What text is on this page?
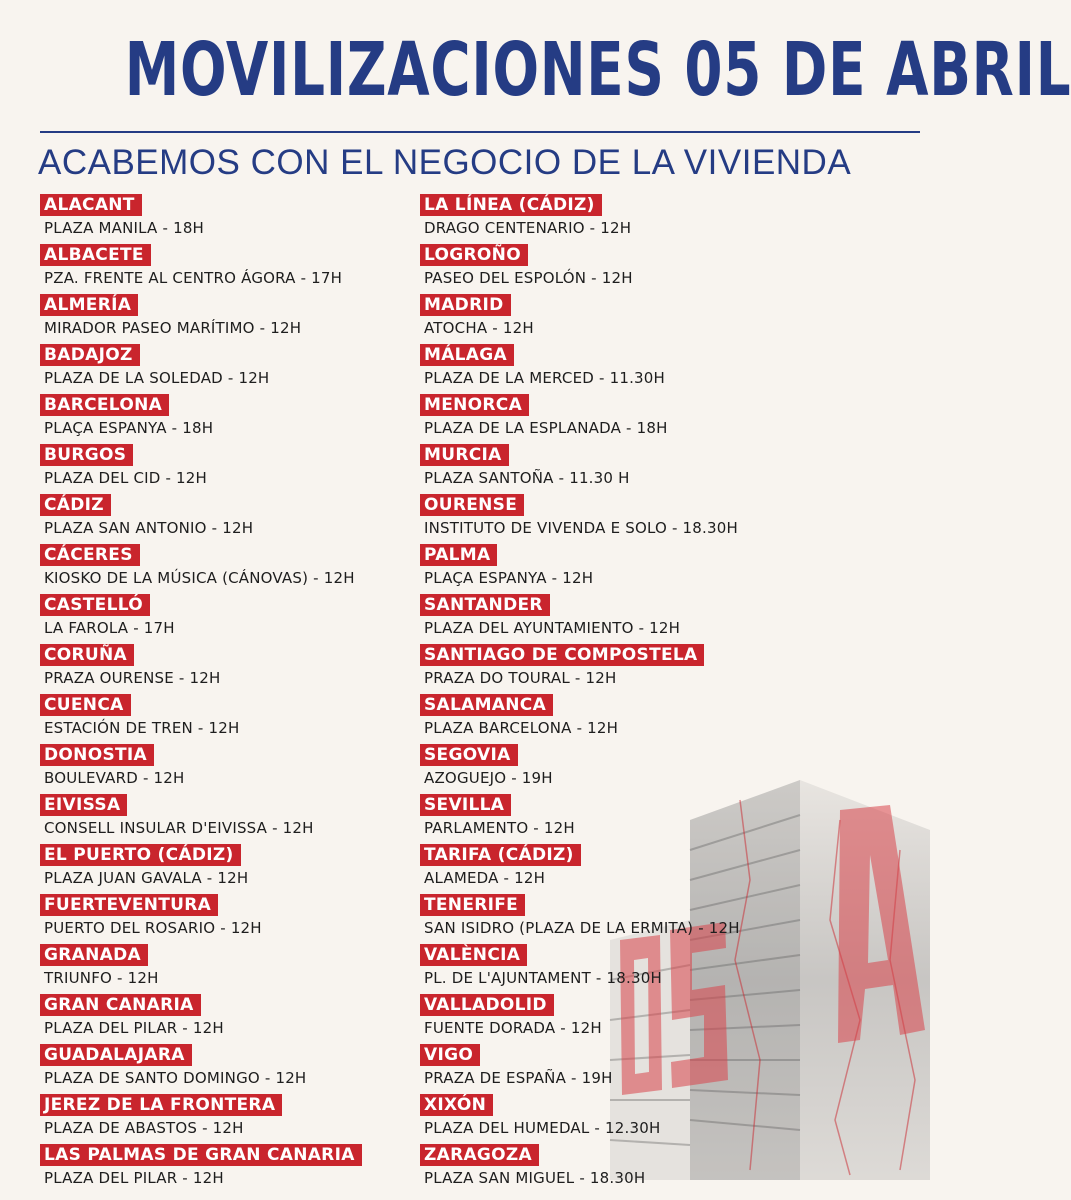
MOVILIZACIONES 05 DE ABRIL
ACABEMOS CON EL NEGOCIO DE LA VIVIENDA
ALACANT
PLAZA MANILA - 18H
ALBACETE
PZA. FRENTE AL CENTRO ÁGORA - 17H
ALMERÍA
MIRADOR PASEO MARÍTIMO - 12H
BADAJOZ
PLAZA DE LA SOLEDAD - 12H
BARCELONA
PLAÇA ESPANYA - 18H
BURGOS
PLAZA DEL CID - 12H
CÁDIZ
PLAZA SAN ANTONIO - 12H
CÁCERES
KIOSKO DE LA MÚSICA (CÁNOVAS) - 12H
CASTELLÓ
LA FAROLA - 17H
CORUÑA
PRAZA OURENSE - 12H
CUENCA
ESTACIÓN DE TREN - 12H
DONOSTIA
BOULEVARD - 12H
EIVISSA
CONSELL INSULAR D'EIVISSA - 12H
EL PUERTO (CÁDIZ)
PLAZA JUAN GAVALA - 12H
FUERTEVENTURA
PUERTO DEL ROSARIO - 12H
GRANADA
TRIUNFO - 12H
GRAN CANARIA
PLAZA DEL PILAR - 12H
GUADALAJARA
PLAZA DE SANTO DOMINGO - 12H
JEREZ DE LA FRONTERA
PLAZA DE ABASTOS - 12H
LAS PALMAS DE GRAN CANARIA
PLAZA DEL PILAR - 12H
LA LÍNEA (CÁDIZ)
DRAGO CENTENARIO - 12H
LOGROÑO
PASEO DEL ESPOLÓN - 12H
MADRID
ATOCHA - 12H
MÁLAGA
PLAZA DE LA MERCED - 11.30H
MENORCA
PLAZA DE LA ESPLANADA - 18H
MURCIA
PLAZA SANTOÑA - 11.30 H
OURENSE
INSTITUTO DE VIVENDA E SOLO - 18.30H
PALMA
PLAÇA ESPANYA - 12H
SANTANDER
PLAZA DEL AYUNTAMIENTO - 12H
SANTIAGO DE COMPOSTELA
PRAZA DO TOURAL - 12H
SALAMANCA
PLAZA BARCELONA - 12H
SEGOVIA
AZOGUEJO - 19H
SEVILLA
PARLAMENTO - 12H
TARIFA (CÁDIZ)
ALAMEDA - 12H
TENERIFE
SAN ISIDRO (PLAZA DE LA ERMITA) - 12H
VALÈNCIA
PL. DE L'AJUNTAMENT - 18.30H
VALLADOLID
FUENTE DORADA - 12H
VIGO
PRAZA DE ESPAÑA - 19H
XIXÓN
PLAZA DEL HUMEDAL - 12.30H
ZARAGOZA
PLAZA SAN MIGUEL - 18.30H
